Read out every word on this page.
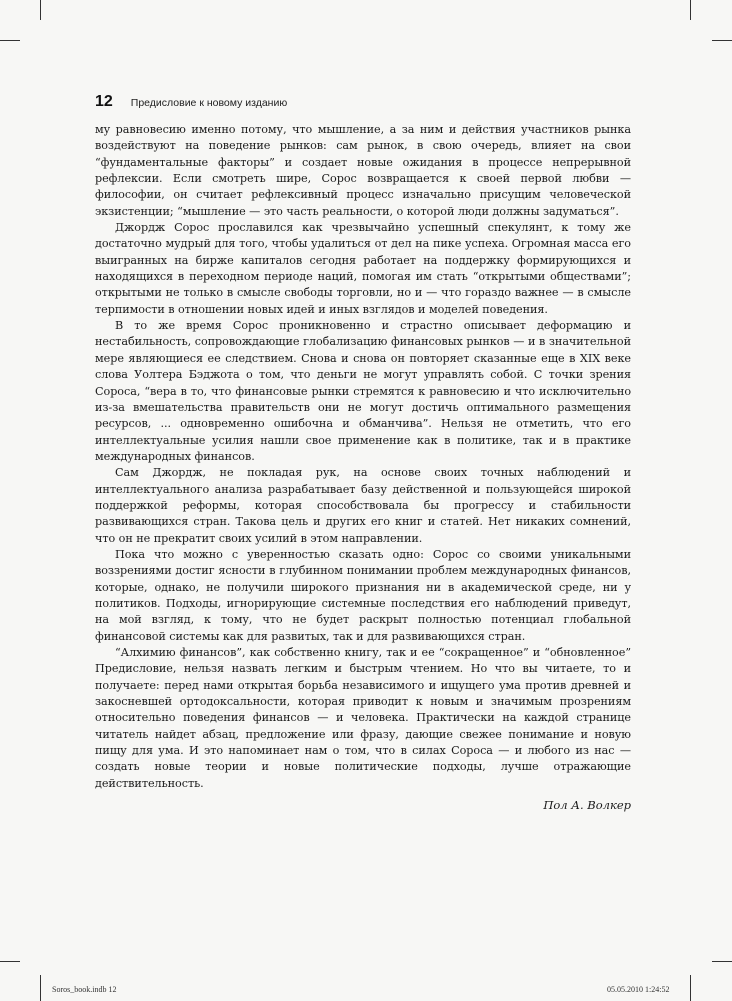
12 Предисловие к новому изданию

му равновесию именно потому, что мышление, а за ним и действия участников рынка воздействуют на поведение рынков: сам рынок, в свою очередь, влияет на свои “фундаментальные факторы” и создает новые ожидания в процессе непрерывной рефлексии. Если смотреть шире, Сорос возвращается к своей первой любви — философии, он считает рефлексивный процесс изначально присущим человеческой экзистенции; “мышление — это часть реальности, о которой люди должны задуматься”.

Джордж Сорос прославился как чрезвычайно успешный спекулянт, к тому же достаточно мудрый для того, чтобы удалиться от дел на пике успеха. Огромная масса его выигранных на бирже капиталов сегодня работает на поддержку формирующихся и находящихся в переходном периоде наций, помогая им стать “открытыми обществами”; открытыми не только в смысле свободы торговли, но и — что гораздо важнее — в смысле терпимости в отношении новых идей и иных взглядов и моделей поведения.

В то же время Сорос проникновенно и страстно описывает деформацию и нестабильность, сопровождающие глобализацию финансовых рынков — и в значительной мере являющиеся ее следствием. Снова и снова он повторяет сказанные еще в XIX веке слова Уолтера Бэджота о том, что деньги не могут управлять собой. С точки зрения Сороса, “вера в то, что финансовые рынки стремятся к равновесию и что исключительно из-за вмешательства правительств они не могут достичь оптимального размещения ресурсов, ... одновременно ошибочна и обманчива”. Нельзя не отметить, что его интеллектуальные усилия нашли свое применение как в политике, так и в практике международных финансов.

Сам Джордж, не покладая рук, на основе своих точных наблюдений и интеллектуального анализа разрабатывает базу действенной и пользующейся широкой поддержкой реформы, которая способствовала бы прогрессу и стабильности развивающихся стран. Такова цель и других его книг и статей. Нет никаких сомнений, что он не прекратит своих усилий в этом направлении.

Пока что можно с уверенностью сказать одно: Сорос со своими уникальными воззрениями достиг ясности в глубинном понимании проблем международных финансов, которые, однако, не получили широкого признания ни в академической среде, ни у политиков. Подходы, игнорирующие системные последствия его наблюдений приведут, на мой взгляд, к тому, что не будет раскрыт полностью потенциал глобальной финансовой системы как для развитых, так и для развивающихся стран.

“Алхимию финансов”, как собственно книгу, так и ее “сокращенное” и “обновленное” Предисловие, нельзя назвать легким и быстрым чтением. Но что вы читаете, то и получаете: перед нами открытая борьба независимого и ищущего ума против древней и закосневшей ортодоксальности, которая приводит к новым и значимым прозрениям относительно поведения финансов — и человека. Практически на каждой странице читатель найдет абзац, предложение или фразу, дающие свежее понимание и новую пищу для ума. И это напоминает нам о том, что в силах Сороса — и любого из нас — создать новые теории и новые политические подходы, лучше отражающие действительность.

Пол А. Волкер
Soros_book.indb 12	05.05.2010 1:24:52
